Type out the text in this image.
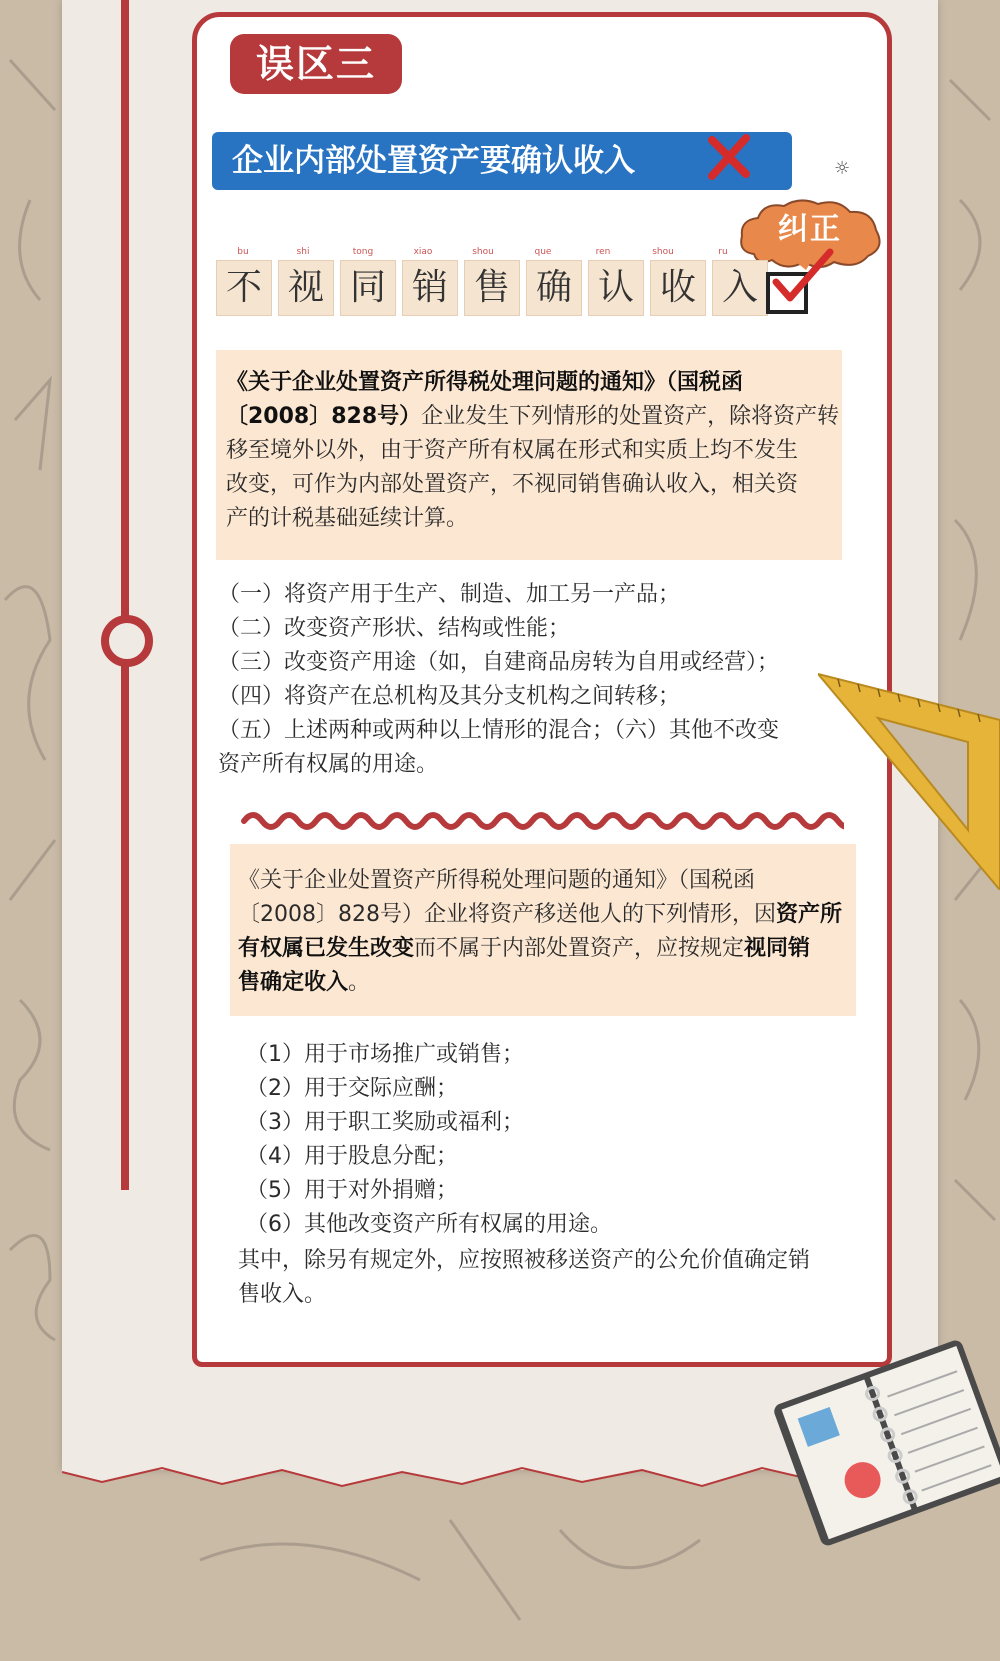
误区三
企业内部处置资产要确认收入	☼
纠正
bu	shi	tong	xiao	shou	que	ren	shou	ru
不 视 同 销 售 确 认 收 入
《关于企业处置资产所得税处理问题的通知》（国税函
〔2008〕828号）企业发生下列情形的处置资产，除将资产转
移至境外以外，由于资产所有权属在形式和实质上均不发生
改变，可作为内部处置资产，不视同销售确认收入，相关资
产的计税基础延续计算。
（一）将资产用于生产、制造、加工另一产品；
（二）改变资产形状、结构或性能；
（三）改变资产用途（如，自建商品房转为自用或经营）；
（四）将资产在总机构及其分支机构之间转移；
（五）上述两种或两种以上情形的混合；（六）其他不改变
资产所有权属的用途。
《关于企业处置资产所得税处理问题的通知》（国税函
〔2008〕828号）企业将资产移送他人的下列情形，因资产所
有权属已发生改变而不属于内部处置资产，应按规定视同销
售确定收入。
（1）用于市场推广或销售；
（2）用于交际应酬；
（3）用于职工奖励或福利；
（4）用于股息分配；
（5）用于对外捐赠；
（6）其他改变资产所有权属的用途。
其中，除另有规定外，应按照被移送资产的公允价值确定销
售收入。
